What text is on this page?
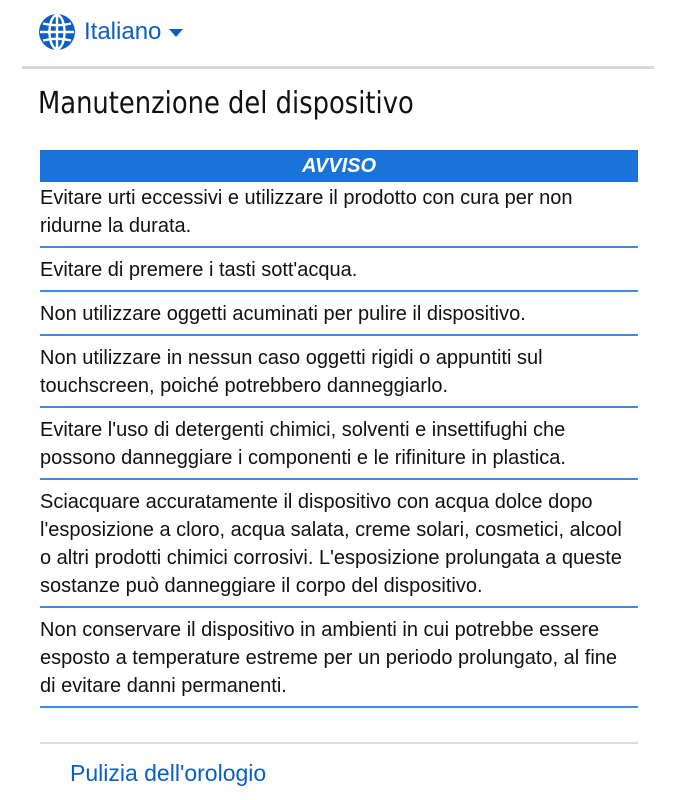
Italiano
Manutenzione del dispositivo
AVVISO
Evitare urti eccessivi e utilizzare il prodotto con cura per non ridurne la durata.
Evitare di premere i tasti sott'acqua.
Non utilizzare oggetti acuminati per pulire il dispositivo.
Non utilizzare in nessun caso oggetti rigidi o appuntiti sul touchscreen, poiché potrebbero danneggiarlo.
Evitare l'uso di detergenti chimici, solventi e insettifughi che possono danneggiare i componenti e le rifiniture in plastica.
Sciacquare accuratamente il dispositivo con acqua dolce dopo l'esposizione a cloro, acqua salata, creme solari, cosmetici, alcool o altri prodotti chimici corrosivi. L'esposizione prolungata a queste sostanze può danneggiare il corpo del dispositivo.
Non conservare il dispositivo in ambienti in cui potrebbe essere esposto a temperature estreme per un periodo prolungato, al fine di evitare danni permanenti.
Pulizia dell'orologio
